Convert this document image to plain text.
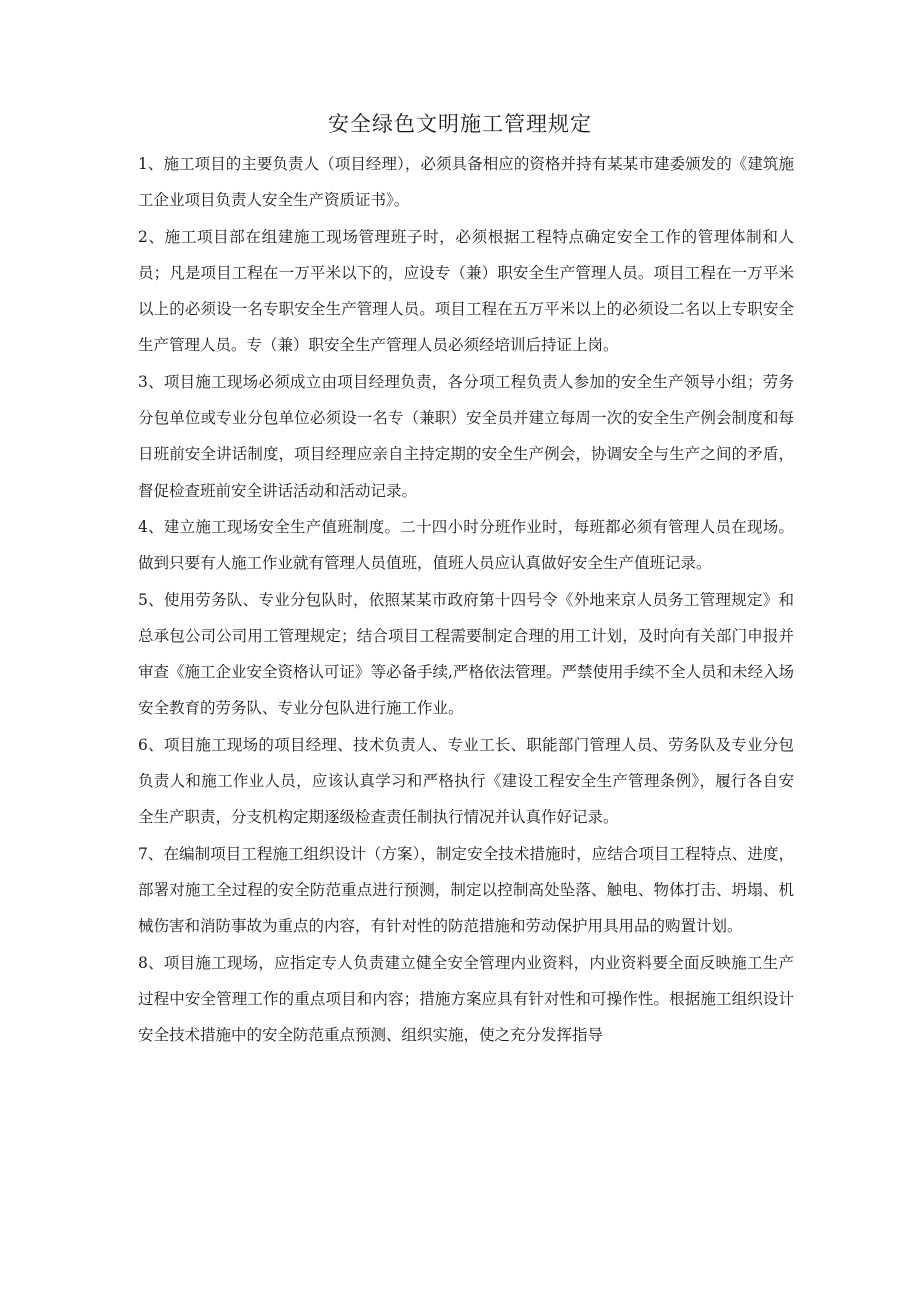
安全绿色文明施工管理规定

1、施工项目的主要负责人（项目经理），必须具备相应的资格并持有某某市建委颁发的《建筑施工企业项目负责人安全生产资质证书》。

2、施工项目部在组建施工现场管理班子时，必须根据工程特点确定安全工作的管理体制和人员；凡是项目工程在一万平米以下的，应设专（兼）职安全生产管理人员。项目工程在一万平米以上的必须设一名专职安全生产管理人员。项目工程在五万平米以上的必须设二名以上专职安全生产管理人员。专（兼）职安全生产管理人员必须经培训后持证上岗。

3、项目施工现场必须成立由项目经理负责，各分项工程负责人参加的安全生产领导小组；劳务分包单位或专业分包单位必须设一名专（兼职）安全员并建立每周一次的安全生产例会制度和每日班前安全讲话制度，项目经理应亲自主持定期的安全生产例会，协调安全与生产之间的矛盾，督促检查班前安全讲话活动和活动记录。

4、建立施工现场安全生产值班制度。二十四小时分班作业时，每班都必须有管理人员在现场。做到只要有人施工作业就有管理人员值班，值班人员应认真做好安全生产值班记录。

5、使用劳务队、专业分包队时，依照某某市政府第十四号令《外地来京人员务工管理规定》和总承包公司公司用工管理规定；结合项目工程需要制定合理的用工计划，及时向有关部门申报并审查《施工企业安全资格认可证》等必备手续,严格依法管理。严禁使用手续不全人员和未经入场安全教育的劳务队、专业分包队进行施工作业。

6、项目施工现场的项目经理、技术负责人、专业工长、职能部门管理人员、劳务队及专业分包负责人和施工作业人员，应该认真学习和严格执行《建设工程安全生产管理条例》，履行各自安全生产职责，分支机构定期逐级检查责任制执行情况并认真作好记录。

7、在编制项目工程施工组织设计（方案），制定安全技术措施时，应结合项目工程特点、进度，部署对施工全过程的安全防范重点进行预测，制定以控制高处坠落、触电、物体打击、坍塌、机械伤害和消防事故为重点的内容，有针对性的防范措施和劳动保护用具用品的购置计划。

8、项目施工现场，应指定专人负责建立健全安全管理内业资料，内业资料要全面反映施工生产过程中安全管理工作的重点项目和内容；措施方案应具有针对性和可操作性。根据施工组织设计安全技术措施中的安全防范重点预测、组织实施，使之充分发挥指导
